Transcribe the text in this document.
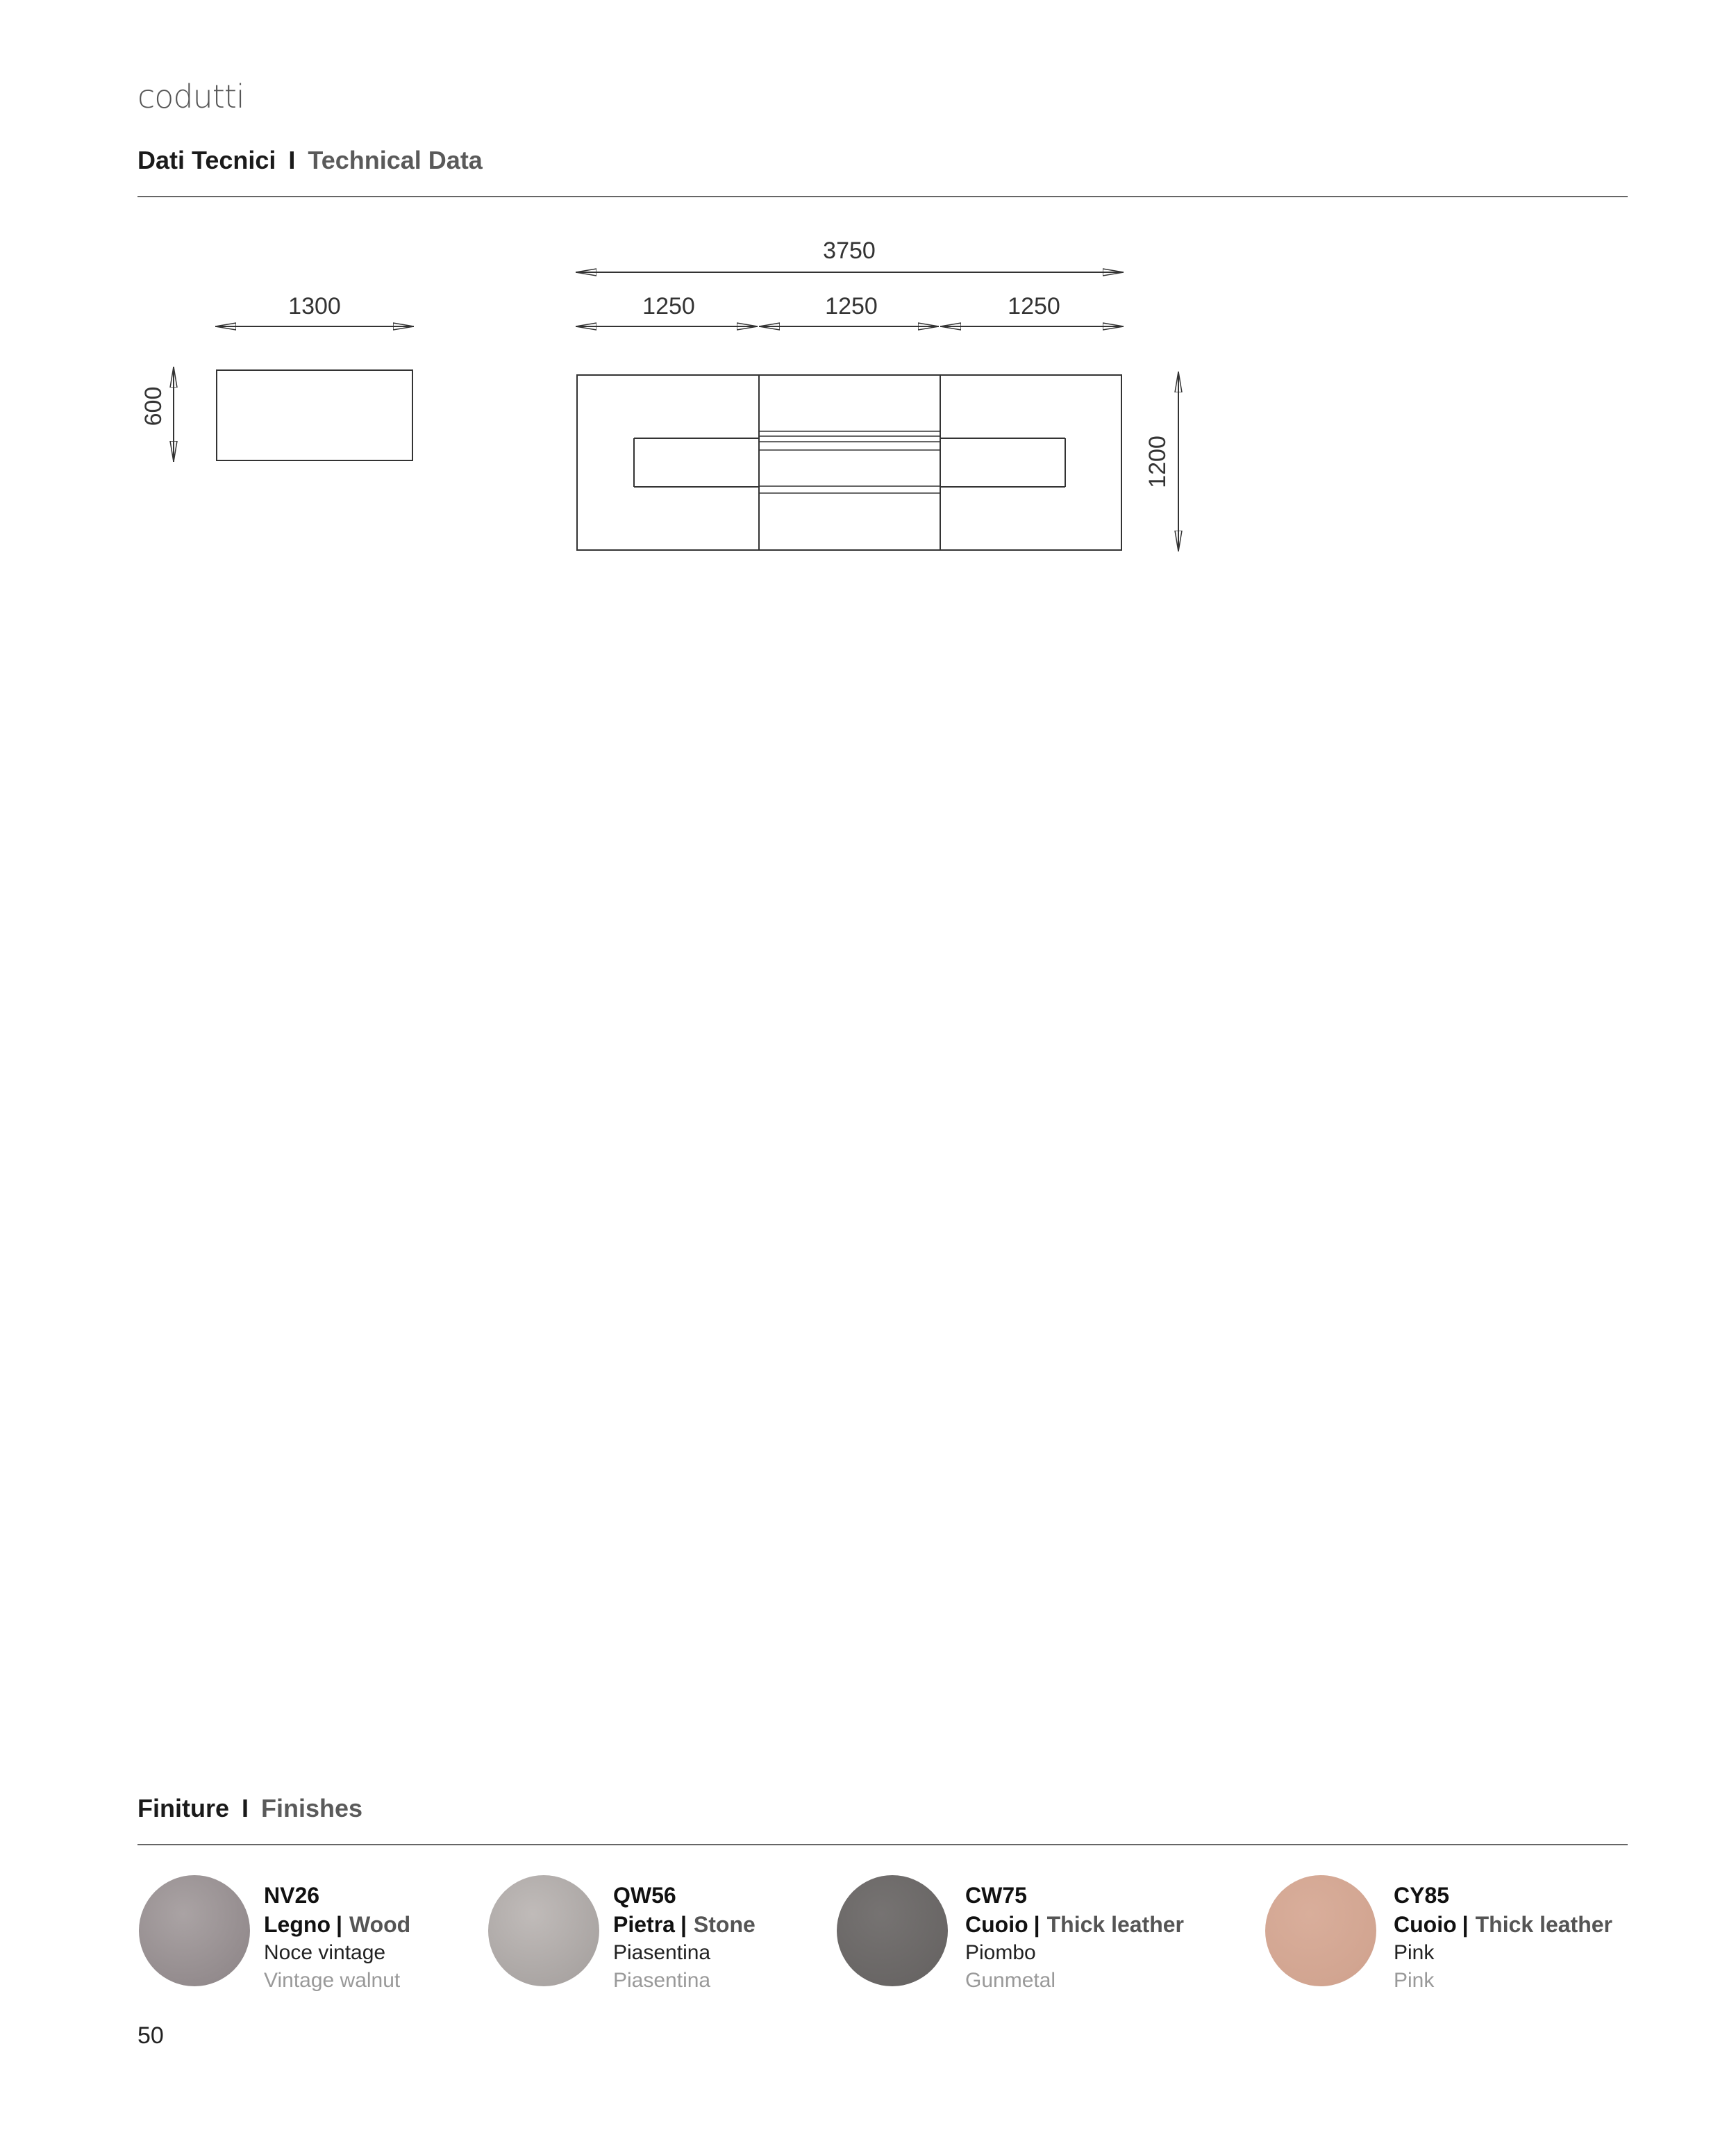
codutti
Dati Tecnici I Technical Data
1300
600
3750
1250	1250	1250
1200
Finiture I Finishes
NV26
Legno | Wood
Noce vintage
Vintage walnut
QW56
Pietra | Stone
Piasentina
Piasentina
CW75
Cuoio | Thick leather
Piombo
Gunmetal
CY85
Cuoio | Thick leather
Pink
Pink
50
